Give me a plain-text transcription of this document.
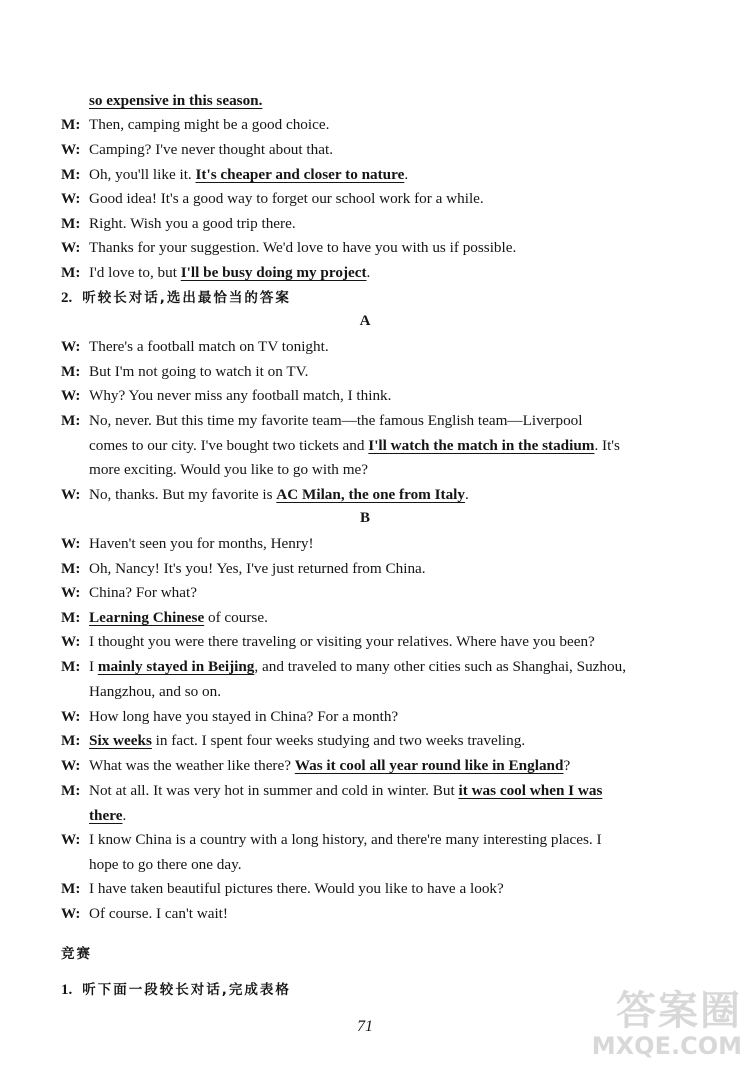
so expensive in this season.
M: Then, camping might be a good choice.
W: Camping? I've never thought about that.
M: Oh, you'll like it. It's cheaper and closer to nature.
W: Good idea! It's a good way to forget our school work for a while.
M: Right. Wish you a good trip there.
W: Thanks for your suggestion. We'd love to have you with us if possible.
M: I'd love to, but I'll be busy doing my project.
2. 听较长对话,选出最恰当的答案
A
W: There's a football match on TV tonight.
M: But I'm not going to watch it on TV.
W: Why? You never miss any football match, I think.
M: No, never. But this time my favorite team—the famous English team—Liverpool
comes to our city. I've bought two tickets and I'll watch the match in the stadium. It's
more exciting. Would you like to go with me?
W: No, thanks. But my favorite is AC Milan, the one from Italy.
B
W: Haven't seen you for months, Henry!
M: Oh, Nancy! It's you! Yes, I've just returned from China.
W: China? For what?
M: Learning Chinese of course.
W: I thought you were there traveling or visiting your relatives. Where have you been?
M: I mainly stayed in Beijing, and traveled to many other cities such as Shanghai, Suzhou,
Hangzhou, and so on.
W: How long have you stayed in China? For a month?
M: Six weeks in fact. I spent four weeks studying and two weeks traveling.
W: What was the weather like there? Was it cool all year round like in England?
M: Not at all. It was very hot in summer and cold in winter. But it was cool when I was
there.
W: I know China is a country with a long history, and there're many interesting places. I
hope to go there one day.
M: I have taken beautiful pictures there. Would you like to have a look?
W: Of course. I can't wait!
竞赛
1. 听下面一段较长对话,完成表格
71	答案圈
MXQE.COM
